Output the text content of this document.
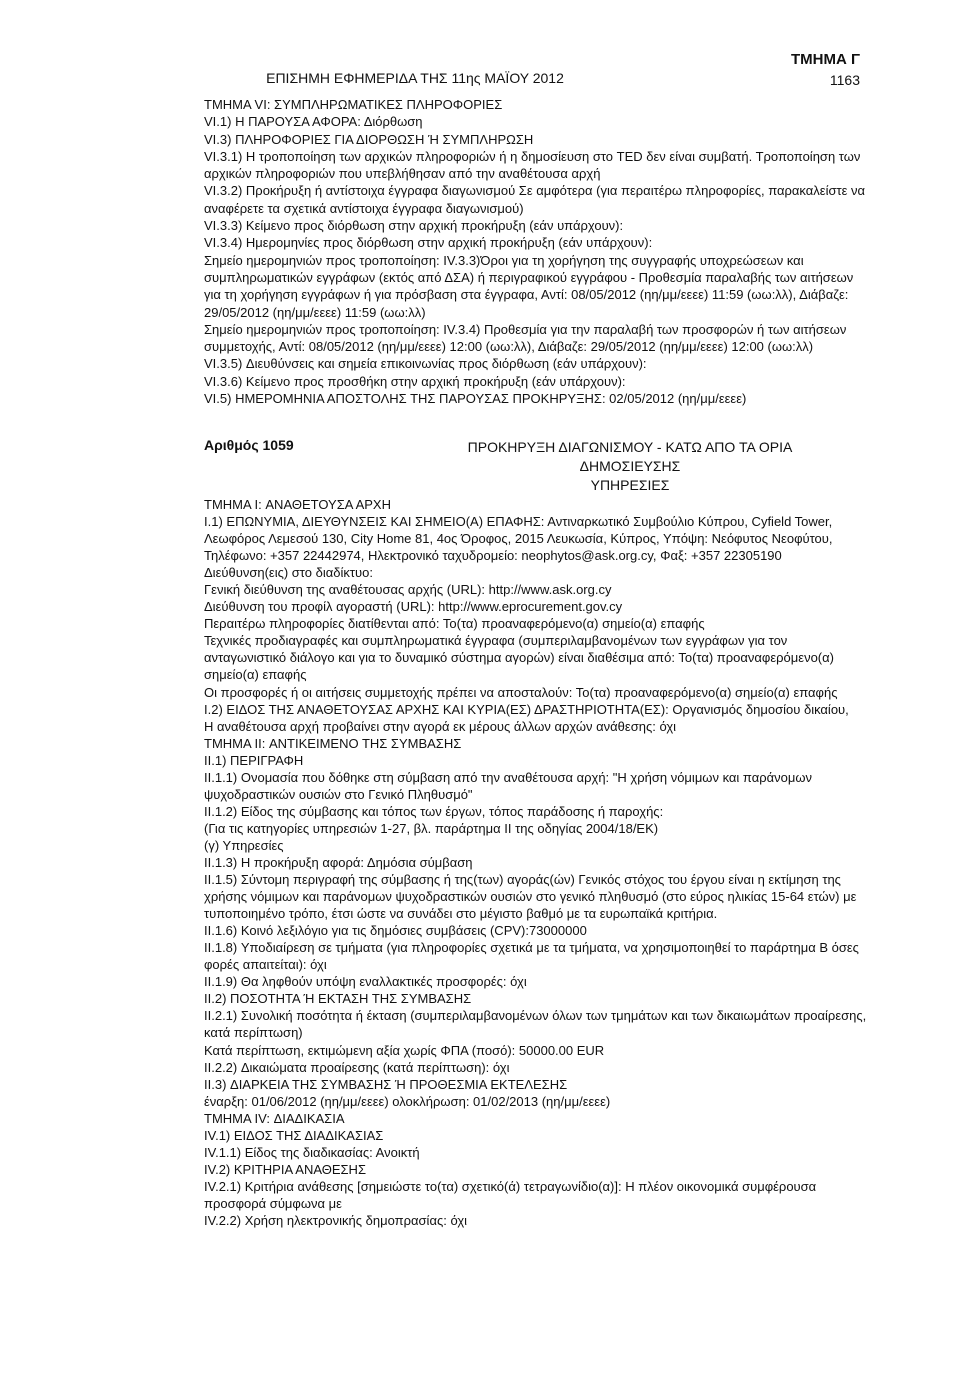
ΕΠΙΣΗΜΗ ΕΦΗΜΕΡΙΔΑ ΤΗΣ 11ης ΜΑΪΟΥ 2012
ΤΜΗΜΑ Γ
1163

ΤΜΗΜΑ VI: ΣΥΜΠΛΗΡΩΜΑΤΙΚΕΣ ΠΛΗΡΟΦΟΡΙΕΣ

VI.1) Η ΠΑΡΟΥΣΑ ΑΦΟΡΑ: Διόρθωση

VI.3) ΠΛΗΡΟΦΟΡΙΕΣ ΓΙΑ ΔΙΟΡΘΩΣΗ Ή ΣΥΜΠΛΗΡΩΣΗ

VI.3.1) Η τροποποίηση των αρχικών πληροφοριών ή η δημοσίευση στο TED δεν είναι συμβατή. Τροποποίηση των αρχικών πληροφοριών που υπεβλήθησαν από την αναθέτουσα αρχή

VI.3.2) Προκήρυξη ή αντίστοιχα έγγραφα διαγωνισμού Σε αμφότερα (για περαιτέρω πληροφορίες, παρακαλείστε να αναφέρετε τα σχετικά αντίστοιχα έγγραφα διαγωνισμού)

VI.3.3) Κείμενο προς διόρθωση στην αρχική προκήρυξη (εάν υπάρχουν):

VI.3.4) Ημερομηνίες προς διόρθωση στην αρχική προκήρυξη (εάν υπάρχουν):

Σημείο ημερομηνιών προς τροποποίηση: IV.3.3)Όροι για τη χορήγηση της συγγραφής υποχρεώσεων και συμπληρωματικών εγγράφων (εκτός από ΔΣΑ) ή περιγραφικού εγγράφου - Προθεσμία παραλαβής των αιτήσεων για τη χορήγηση εγγράφων ή για πρόσβαση στα έγγραφα, Αντί: 08/05/2012 (ηη/μμ/εεεε) 11:59 (ωω:λλ), Διάβαζε: 29/05/2012 (ηη/μμ/εεεε) 11:59 (ωω:λλ)

Σημείο ημερομηνιών προς τροποποίηση: IV.3.4) Προθεσμία για την παραλαβή των προσφορών ή των αιτήσεων συμμετοχής, Αντί: 08/05/2012 (ηη/μμ/εεεε) 12:00 (ωω:λλ), Διάβαζε: 29/05/2012 (ηη/μμ/εεεε) 12:00 (ωω:λλ)

VI.3.5) Διευθύνσεις και σημεία επικοινωνίας προς διόρθωση (εάν υπάρχουν):

VI.3.6) Κείμενο προς προσθήκη στην αρχική προκήρυξη (εάν υπάρχουν):

VI.5) ΗΜΕΡΟΜΗΝΙΑ ΑΠΟΣΤΟΛΗΣ ΤΗΣ ΠΑΡΟΥΣΑΣ ΠΡΟΚΗΡΥΞΗΣ: 02/05/2012 (ηη/μμ/εεεε)

Αριθμός 1059	ΠΡΟΚΗΡΥΞΗ ΔΙΑΓΩΝΙΣΜΟΥ - ΚΑΤΩ ΑΠΟ ΤΑ ΟΡΙΑ ΔΗΜΟΣΙΕΥΣΗΣ

ΥΠΗΡΕΣΙΕΣ

ΤΜΗΜΑ I: ΑΝΑΘΕΤΟΥΣΑ ΑΡΧΗ

I.1) ΕΠΩΝΥΜΙΑ, ΔΙΕΥΘΥΝΣΕΙΣ ΚΑΙ ΣΗΜΕΙΟ(Α) ΕΠΑΦΗΣ: Αντιναρκωτικό Συμβούλιο Κύπρου, Cyfield Tower, Λεωφόρος Λεμεσού 130, City Home 81, 4ος Όροφος, 2015 Λευκωσία, Κύπρος, Υπόψη: Νεόφυτος Νεοφύτου, Τηλέφωνο: +357 22442974, Ηλεκτρονικό ταχυδρομείο: neophytos@ask.org.cy, Φαξ: +357 22305190

Διεύθυνση(εις) στο διαδίκτυο:

Γενική διεύθυνση της αναθέτουσας αρχής (URL): http://www.ask.org.cy

Διεύθυνση του προφίλ αγοραστή (URL): http://www.eprocurement.gov.cy

Περαιτέρω πληροφορίες διατίθενται από: Το(τα) προαναφερόμενο(α) σημείο(α) επαφής

Τεχνικές προδιαγραφές και συμπληρωματικά έγγραφα (συμπεριλαμβανομένων των εγγράφων για τον ανταγωνιστικό διάλογο και για το δυναμικό σύστημα αγορών) είναι διαθέσιμα από: Το(τα) προαναφερόμενο(α) σημείο(α) επαφής

Οι προσφορές ή οι αιτήσεις συμμετοχής πρέπει να αποσταλούν: Το(τα) προαναφερόμενο(α) σημείο(α) επαφής

I.2) ΕΙΔΟΣ ΤΗΣ ΑΝΑΘΕΤΟΥΣΑΣ ΑΡΧΗΣ ΚΑΙ ΚΥΡΙΑ(ΕΣ) ΔΡΑΣΤΗΡΙΟΤΗΤΑ(ΕΣ): Οργανισμός δημοσίου δικαίου,

Η αναθέτουσα αρχή προβαίνει στην αγορά εκ μέρους άλλων αρχών ανάθεσης: όχι

ΤΜΗΜΑ II: ΑΝΤΙΚΕΙΜΕΝΟ ΤΗΣ ΣΥΜΒΑΣΗΣ

II.1) ΠΕΡΙΓΡΑΦΗ

II.1.1) Ονομασία που δόθηκε στη σύμβαση από την αναθέτουσα αρχή: "Η χρήση νόμιμων και παράνομων ψυχοδραστικών ουσιών στο Γενικό Πληθυσμό"

II.1.2) Είδος της σύμβασης και τόπος των έργων, τόπος παράδοσης ή παροχής:

(Για τις κατηγορίες υπηρεσιών 1-27, βλ. παράρτημα II της οδηγίας 2004/18/ΕΚ)

(γ) Υπηρεσίες

II.1.3) Η προκήρυξη αφορά: Δημόσια σύμβαση

II.1.5) Σύντομη περιγραφή της σύμβασης ή της(των) αγοράς(ών) Γενικός στόχος του έργου είναι η εκτίμηση της χρήσης νόμιμων και παράνομων ψυχοδραστικών ουσιών στο γενικό πληθυσμό (στο εύρος ηλικίας 15-64 ετών) με τυποποιημένο τρόπο, έτσι ώστε να συνάδει στο μέγιστο βαθμό με τα ευρωπαϊκά κριτήρια.

II.1.6) Κοινό λεξιλόγιο για τις δημόσιες συμβάσεις (CPV):73000000

II.1.8) Υποδιαίρεση σε τμήματα (για πληροφορίες σχετικά με τα τμήματα, να χρησιμοποιηθεί το παράρτημα Β όσες φορές απαιτείται): όχι

II.1.9) Θα ληφθούν υπόψη εναλλακτικές προσφορές: όχι

II.2) ΠΟΣΟΤΗΤΑ Ή ΕΚΤΑΣΗ ΤΗΣ ΣΥΜΒΑΣΗΣ

II.2.1) Συνολική ποσότητα ή έκταση (συμπεριλαμβανομένων όλων των τμημάτων και των δικαιωμάτων προαίρεσης, κατά περίπτωση)

Κατά περίπτωση, εκτιμώμενη αξία χωρίς ΦΠΑ (ποσό): 50000.00 EUR

II.2.2) Δικαιώματα προαίρεσης (κατά περίπτωση): όχι

II.3) ΔΙΑΡΚΕΙΑ ΤΗΣ ΣΥΜΒΑΣΗΣ Ή ΠΡΟΘΕΣΜΙΑ ΕΚΤΕΛΕΣΗΣ

έναρξη: 01/06/2012 (ηη/μμ/εεεε) ολοκλήρωση: 01/02/2013 (ηη/μμ/εεεε)

ΤΜΗΜΑ IV: ΔΙΑΔΙΚΑΣΙΑ

IV.1) ΕΙΔΟΣ ΤΗΣ ΔΙΑΔΙΚΑΣΙΑΣ

IV.1.1) Είδος της διαδικασίας: Ανοικτή

IV.2) ΚΡΙΤΗΡΙΑ ΑΝΑΘΕΣΗΣ

IV.2.1) Κριτήρια ανάθεσης [σημειώστε το(τα) σχετικό(ά) τετραγωνίδιο(α)]: Η πλέον οικονομικά συμφέρουσα προσφορά σύμφωνα με

IV.2.2) Χρήση ηλεκτρονικής δημοπρασίας: όχι
